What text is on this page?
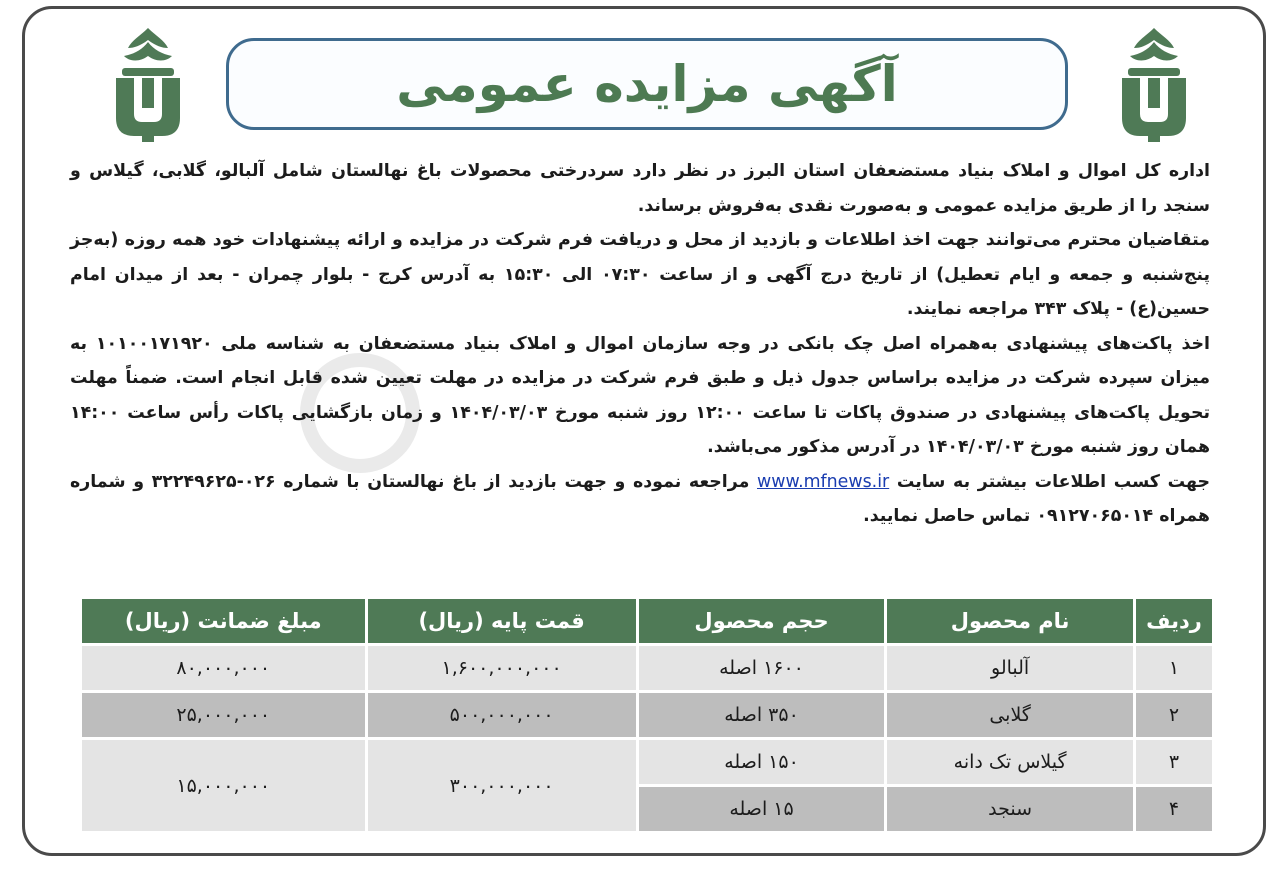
آگهی مزایده عمومی

اداره کل اموال و املاک بنیاد مستضعفان استان البرز در نظر دارد سردرختی محصولات باغ نهالستان شامل آلبالو، گلابی، گیلاس و سنجد را از طریق مزایده عمومی و به‌صورت نقدی به‌فروش برساند.

متقاضیان محترم می‌توانند جهت اخذ اطلاعات و بازدید از محل و دریافت فرم شرکت در مزایده و ارائه پیشنهادات خود همه روزه (به‌جز پنج‌شنبه و جمعه و ایام تعطیل) از تاریخ درج آگهی و از ساعت ۰۷:۳۰ الی ۱۵:۳۰ به آدرس کرج - بلوار چمران - بعد از میدان امام حسین(ع) - پلاک ۳۴۳ مراجعه نمایند.

اخذ پاکت‌های پیشنهادی به‌همراه اصل چک بانکی در وجه سازمان اموال و املاک بنیاد مستضعفان به شناسه ملی ۱۰۱۰۰۱۷۱۹۲۰ به میزان سپرده شرکت در مزایده براساس جدول ذیل و طبق فرم شرکت در مزایده در مهلت تعیین شده قابل انجام است. ضمناً مهلت تحویل پاکت‌های پیشنهادی در صندوق پاکات تا ساعت ۱۲:۰۰ روز شنبه مورخ ۱۴۰۴/۰۳/۰۳ و زمان بازگشایی پاکات رأس ساعت ۱۴:۰۰ همان روز شنبه مورخ ۱۴۰۴/۰۳/۰۳ در آدرس مذکور می‌باشد.

جهت کسب اطلاعات بیشتر به سایت www.mfnews.ir مراجعه نموده و جهت بازدید از باغ نهالستان با شماره ۰۲۶-۳۲۲۴۹۶۲۵ و شماره همراه ۰۹۱۲۷۰۶۵۰۱۴ تماس حاصل نمایید.

ردیف	نام محصول	حجم محصول	قمت پایه (ریال)	مبلغ ضمانت (ریال)
۱	آلبالو	۱۶۰۰ اصله	۱,۶۰۰,۰۰۰,۰۰۰	۸۰,۰۰۰,۰۰۰
۲	گلابی	۳۵۰ اصله	۵۰۰,۰۰۰,۰۰۰	۲۵,۰۰۰,۰۰۰
۳	گیلاس تک دانه	۱۵۰ اصله	۳۰۰,۰۰۰,۰۰۰	۱۵,۰۰۰,۰۰۰
۴	سنجد	۱۵ اصله		
